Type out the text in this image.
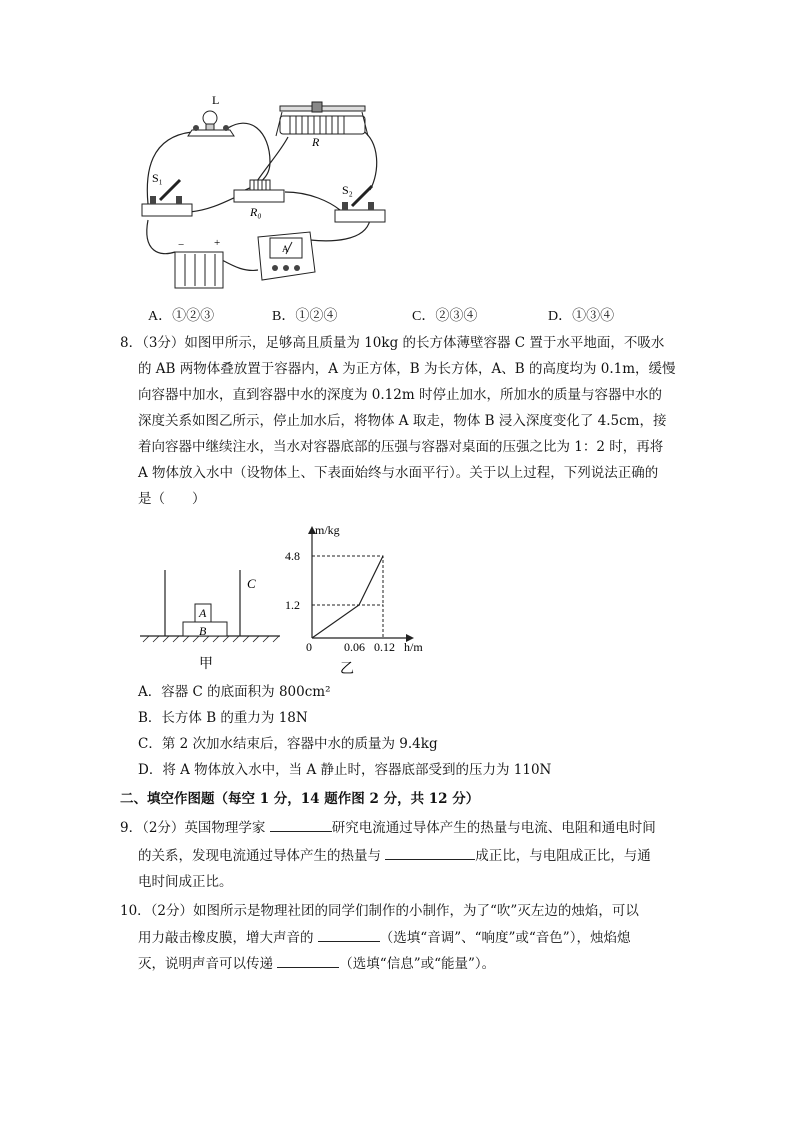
L
R
S₁
R₀
S₂
−	+	A
A．①②③	B．①②④	C．②③④	D．①③④
8．（3分）如图甲所示，足够高且质量为 10kg 的长方体薄壁容器 C 置于水平地面，不吸水
的 AB 两物体叠放置于容器内，A 为正方体，B 为长方体，A、B 的高度均为 0.1m，缓慢
向容器中加水，直到容器中水的深度为 0.12m 时停止加水，所加水的质量与容器中水的
深度关系如图乙所示，停止加水后，将物体 A 取走，物体 B 浸入深度变化了 4.5cm，接
着向容器中继续注水，当水对容器底部的压强与容器对桌面的压强之比为 1：2 时，再将
A 物体放入水中（设物体上、下表面始终与水面平行）。关于以上过程，下列说法正确的
是（　　）
A
B
C
甲
m/kg
4.8
1.2
0	0.06 0.12 h/m
乙
A．容器 C 的底面积为 800cm²
B．长方体 B 的重力为 18N
C．第 2 次加水结束后，容器中水的质量为 9.4kg
D．将 A 物体放入水中，当 A 静止时，容器底部受到的压力为 110N
二、填空作图题（每空 1 分，14 题作图 2 分，共 12 分）
9．（2分）英国物理学家	研究电流通过导体产生的热量与电流、电阻和通电时间
的关系，发现电流通过导体产生的热量与	成正比，与电阻成正比，与通
电时间成正比。
10．（2分）如图所示是物理社团的同学们制作的小制作，为了“吹”灭左边的烛焰，可以
用力敲击橡皮膜，增大声音的	（选填“音调”、“响度”或“音色”），烛焰熄
灭，说明声音可以传递	（选填“信息”或“能量”）。
